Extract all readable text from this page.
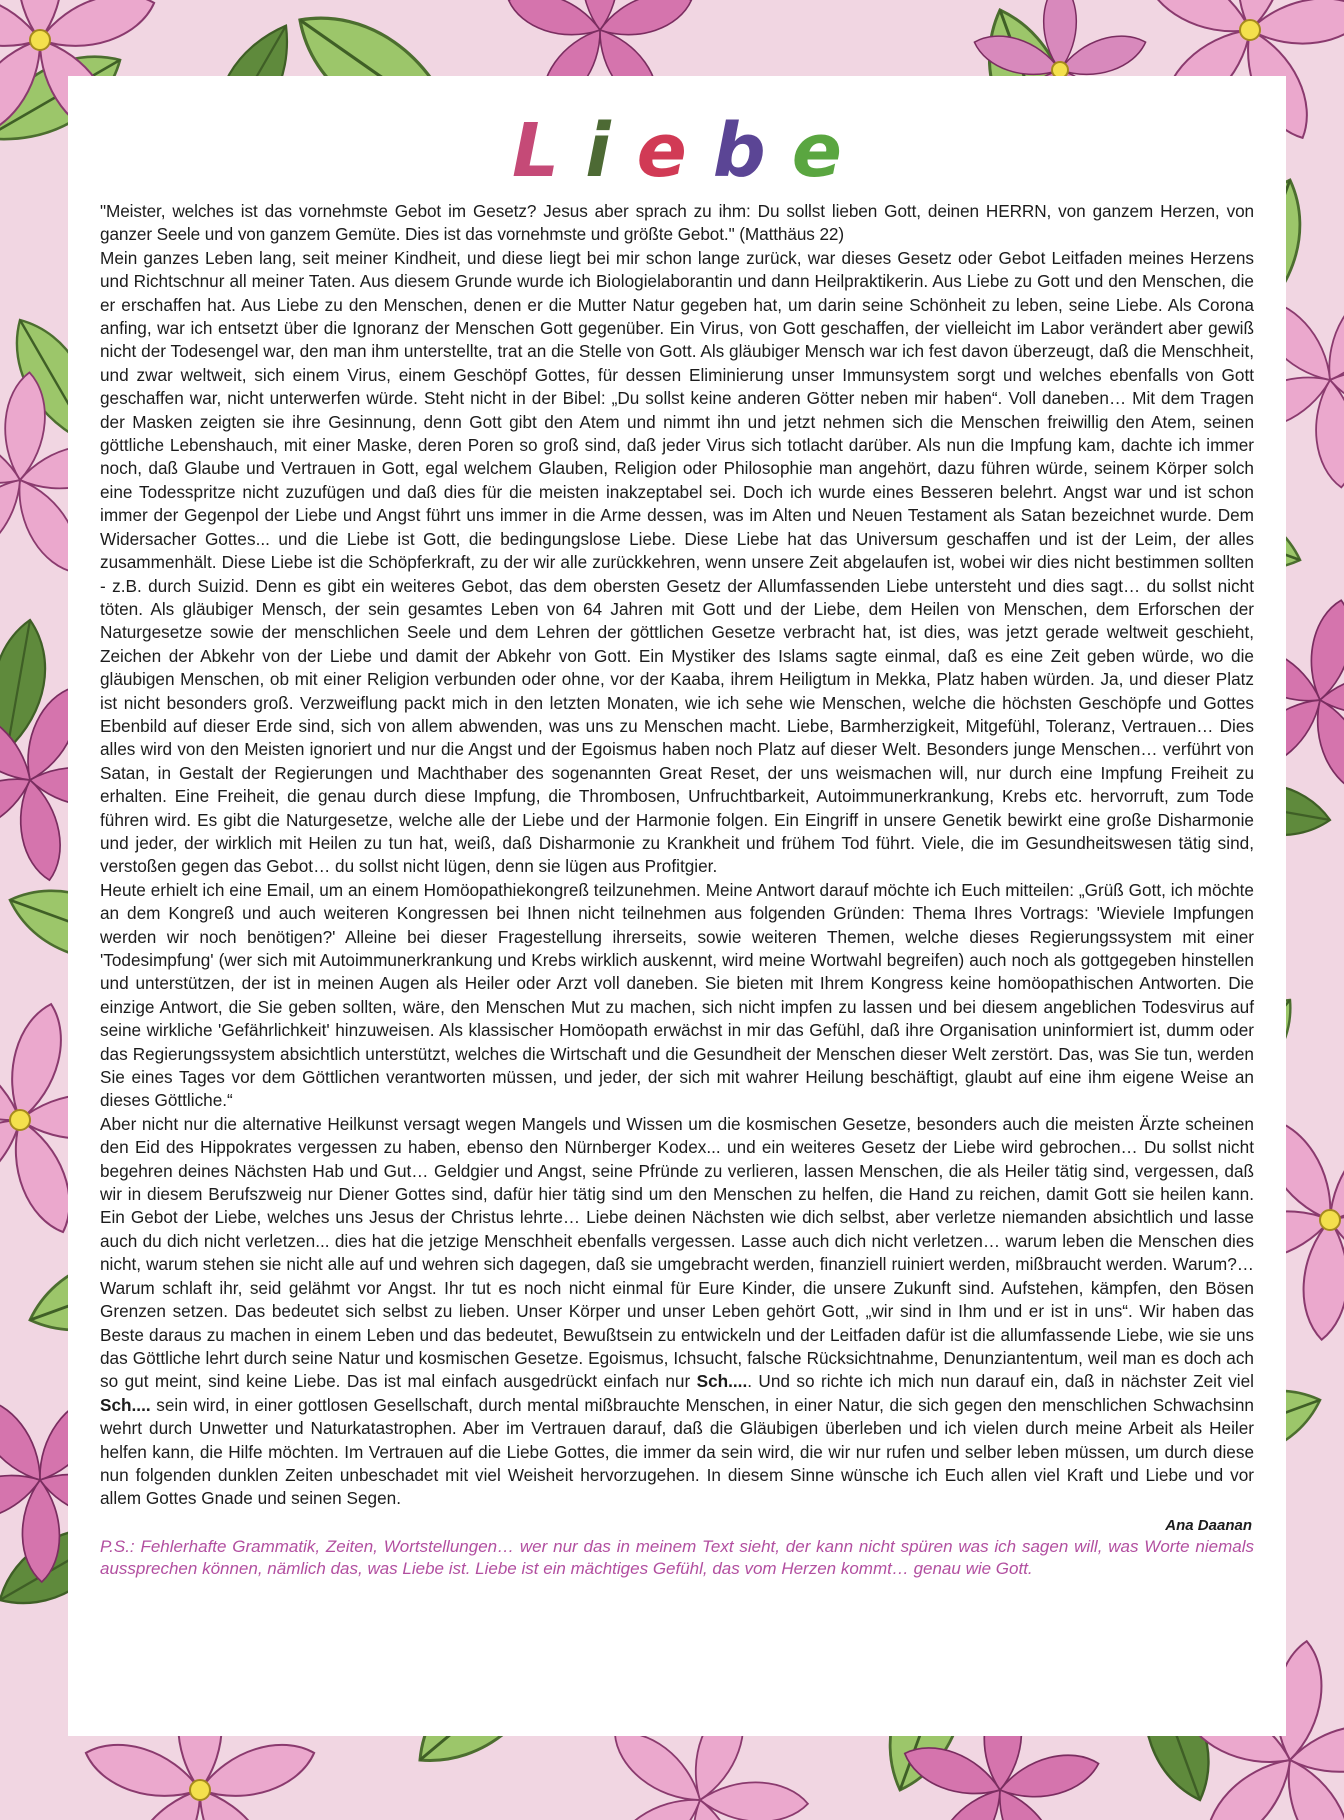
Liebe

"Meister, welches ist das vornehmste Gebot im Gesetz? Jesus aber sprach zu ihm: Du sollst lieben Gott, deinen HERRN, von ganzem Herzen, von ganzer Seele und von ganzem Gemüte. Dies ist das vornehmste und größte Gebot." (Matthäus 22)

Mein ganzes Leben lang, seit meiner Kindheit, und diese liegt bei mir schon lange zurück, war dieses Gesetz oder Gebot Leitfaden meines Herzens und Richtschnur all meiner Taten. Aus diesem Grunde wurde ich Biologielaborantin und dann Heilpraktikerin. Aus Liebe zu Gott und den Menschen, die er erschaffen hat. Aus Liebe zu den Menschen, denen er die Mutter Natur gegeben hat, um darin seine Schönheit zu leben, seine Liebe. Als Corona anfing, war ich entsetzt über die Ignoranz der Menschen Gott gegenüber. Ein Virus, von Gott geschaffen, der vielleicht im Labor verändert aber gewiß nicht der Todesengel war, den man ihm unterstellte, trat an die Stelle von Gott. Als gläubiger Mensch war ich fest davon überzeugt, daß die Menschheit, und zwar weltweit, sich einem Virus, einem Geschöpf Gottes, für dessen Eliminierung unser Immunsystem sorgt und welches ebenfalls von Gott geschaffen war, nicht unterwerfen würde. Steht nicht in der Bibel: „Du sollst keine anderen Götter neben mir haben“. Voll daneben… Mit dem Tragen der Masken zeigten sie ihre Gesinnung, denn Gott gibt den Atem und nimmt ihn und jetzt nehmen sich die Menschen freiwillig den Atem, seinen göttliche Lebenshauch, mit einer Maske, deren Poren so groß sind, daß jeder Virus sich totlacht darüber. Als nun die Impfung kam, dachte ich immer noch, daß Glaube und Vertrauen in Gott, egal welchem Glauben, Religion oder Philosophie man angehört, dazu führen würde, seinem Körper solch eine Todesspritze nicht zuzufügen und daß dies für die meisten inakzeptabel sei. Doch ich wurde eines Besseren belehrt. Angst war und ist schon immer der Gegenpol der Liebe und Angst führt uns immer in die Arme dessen, was im Alten und Neuen Testament als Satan bezeichnet wurde. Dem Widersacher Gottes... und die Liebe ist Gott, die bedingungslose Liebe. Diese Liebe hat das Universum geschaffen und ist der Leim, der alles zusammenhält. Diese Liebe ist die Schöpferkraft, zu der wir alle zurückkehren, wenn unsere Zeit abgelaufen ist, wobei wir dies nicht bestimmen sollten - z.B. durch Suizid. Denn es gibt ein weiteres Gebot, das dem obersten Gesetz der Allumfassenden Liebe untersteht und dies sagt… du sollst nicht töten. Als gläubiger Mensch, der sein gesamtes Leben von 64 Jahren mit Gott und der Liebe, dem Heilen von Menschen, dem Erforschen der Naturgesetze sowie der menschlichen Seele und dem Lehren der göttlichen Gesetze verbracht hat, ist dies, was jetzt gerade weltweit geschieht, Zeichen der Abkehr von der Liebe und damit der Abkehr von Gott. Ein Mystiker des Islams sagte einmal, daß es eine Zeit geben würde, wo die gläubigen Menschen, ob mit einer Religion verbunden oder ohne, vor der Kaaba, ihrem Heiligtum in Mekka, Platz haben würden. Ja, und dieser Platz ist nicht besonders groß. Verzweiflung packt mich in den letzten Monaten, wie ich sehe wie Menschen, welche die höchsten Geschöpfe und Gottes Ebenbild auf dieser Erde sind, sich von allem abwenden, was uns zu Menschen macht. Liebe, Barmherzigkeit, Mitgefühl, Toleranz, Vertrauen… Dies alles wird von den Meisten ignoriert und nur die Angst und der Egoismus haben noch Platz auf dieser Welt. Besonders junge Menschen… verführt von Satan, in Gestalt der Regierungen und Machthaber des sogenannten Great Reset, der uns weismachen will, nur durch eine Impfung Freiheit zu erhalten. Eine Freiheit, die genau durch diese Impfung, die Thrombosen, Unfruchtbarkeit, Autoimmunerkrankung, Krebs etc. hervorruft, zum Tode führen wird. Es gibt die Naturgesetze, welche alle der Liebe und der Harmonie folgen. Ein Eingriff in unsere Genetik bewirkt eine große Disharmonie und jeder, der wirklich mit Heilen zu tun hat, weiß, daß Disharmonie zu Krankheit und frühem Tod führt. Viele, die im Gesundheitswesen tätig sind, verstoßen gegen das Gebot… du sollst nicht lügen, denn sie lügen aus Profitgier.

Heute erhielt ich eine Email, um an einem Homöopathiekongreß teilzunehmen. Meine Antwort darauf möchte ich Euch mitteilen: „Grüß Gott, ich möchte an dem Kongreß und auch weiteren Kongressen bei Ihnen nicht teilnehmen aus folgenden Gründen: Thema Ihres Vortrags: 'Wieviele Impfungen werden wir noch benötigen?' Alleine bei dieser Fragestellung ihrerseits, sowie weiteren Themen, welche dieses Regierungssystem mit einer 'Todesimpfung' (wer sich mit Autoimmunerkrankung und Krebs wirklich auskennt, wird meine Wortwahl begreifen) auch noch als gottgegeben hinstellen und unterstützen, der ist in meinen Augen als Heiler oder Arzt voll daneben. Sie bieten mit Ihrem Kongress keine homöopathischen Antworten. Die einzige Antwort, die Sie geben sollten, wäre, den Menschen Mut zu machen, sich nicht impfen zu lassen und bei diesem angeblichen Todesvirus auf seine wirkliche 'Gefährlichkeit' hinzuweisen. Als klassischer Homöopath erwächst in mir das Gefühl, daß ihre Organisation uninformiert ist, dumm oder das Regierungssystem absichtlich unterstützt, welches die Wirtschaft und die Gesundheit der Menschen dieser Welt zerstört. Das, was Sie tun, werden Sie eines Tages vor dem Göttlichen verantworten müssen, und jeder, der sich mit wahrer Heilung beschäftigt, glaubt auf eine ihm eigene Weise an dieses Göttliche.“

Aber nicht nur die alternative Heilkunst versagt wegen Mangels und Wissen um die kosmischen Gesetze, besonders auch die meisten Ärzte scheinen den Eid des Hippokrates vergessen zu haben, ebenso den Nürnberger Kodex... und ein weiteres Gesetz der Liebe wird gebrochen… Du sollst nicht begehren deines Nächsten Hab und Gut… Geldgier und Angst, seine Pfründe zu verlieren, lassen Menschen, die als Heiler tätig sind, vergessen, daß wir in diesem Berufszweig nur Diener Gottes sind, dafür hier tätig sind um den Menschen zu helfen, die Hand zu reichen, damit Gott sie heilen kann. Ein Gebot der Liebe, welches uns Jesus der Christus lehrte… Liebe deinen Nächsten wie dich selbst, aber verletze niemanden absichtlich und lasse auch du dich nicht verletzen... dies hat die jetzige Menschheit ebenfalls vergessen. Lasse auch dich nicht verletzen… warum leben die Menschen dies nicht, warum stehen sie nicht alle auf und wehren sich dagegen, daß sie umgebracht werden, finanziell ruiniert werden, mißbraucht werden. Warum?… Warum schlaft ihr, seid gelähmt vor Angst. Ihr tut es noch nicht einmal für Eure Kinder, die unsere Zukunft sind. Aufstehen, kämpfen, den Bösen Grenzen setzen. Das bedeutet sich selbst zu lieben. Unser Körper und unser Leben gehört Gott, „wir sind in Ihm und er ist in uns“. Wir haben das Beste daraus zu machen in einem Leben und das bedeutet, Bewußtsein zu entwickeln und der Leitfaden dafür ist die allumfassende Liebe, wie sie uns das Göttliche lehrt durch seine Natur und kosmischen Gesetze. Egoismus, Ichsucht, falsche Rücksichtnahme, Denunziantentum, weil man es doch ach so gut meint, sind keine Liebe. Das ist mal einfach ausgedrückt einfach nur Sch..... Und so richte ich mich nun darauf ein, daß in nächster Zeit viel Sch.... sein wird, in einer gottlosen Gesellschaft, durch mental mißbrauchte Menschen, in einer Natur, die sich gegen den menschlichen Schwachsinn wehrt durch Unwetter und Naturkatastrophen. Aber im Vertrauen darauf, daß die Gläubigen überleben und ich vielen durch meine Arbeit als Heiler helfen kann, die Hilfe möchten. Im Vertrauen auf die Liebe Gottes, die immer da sein wird, die wir nur rufen und selber leben müssen, um durch diese nun folgenden dunklen Zeiten unbeschadet mit viel Weisheit hervorzugehen. In diesem Sinne wünsche ich Euch allen viel Kraft und Liebe und vor allem Gottes Gnade und seinen Segen.

Ana Daanan

P.S.: Fehlerhafte Grammatik, Zeiten, Wortstellungen… wer nur das in meinem Text sieht, der kann nicht spüren was ich sagen will, was Worte niemals aussprechen können, nämlich das, was Liebe ist. Liebe ist ein mächtiges Gefühl, das vom Herzen kommt… genau wie Gott.
